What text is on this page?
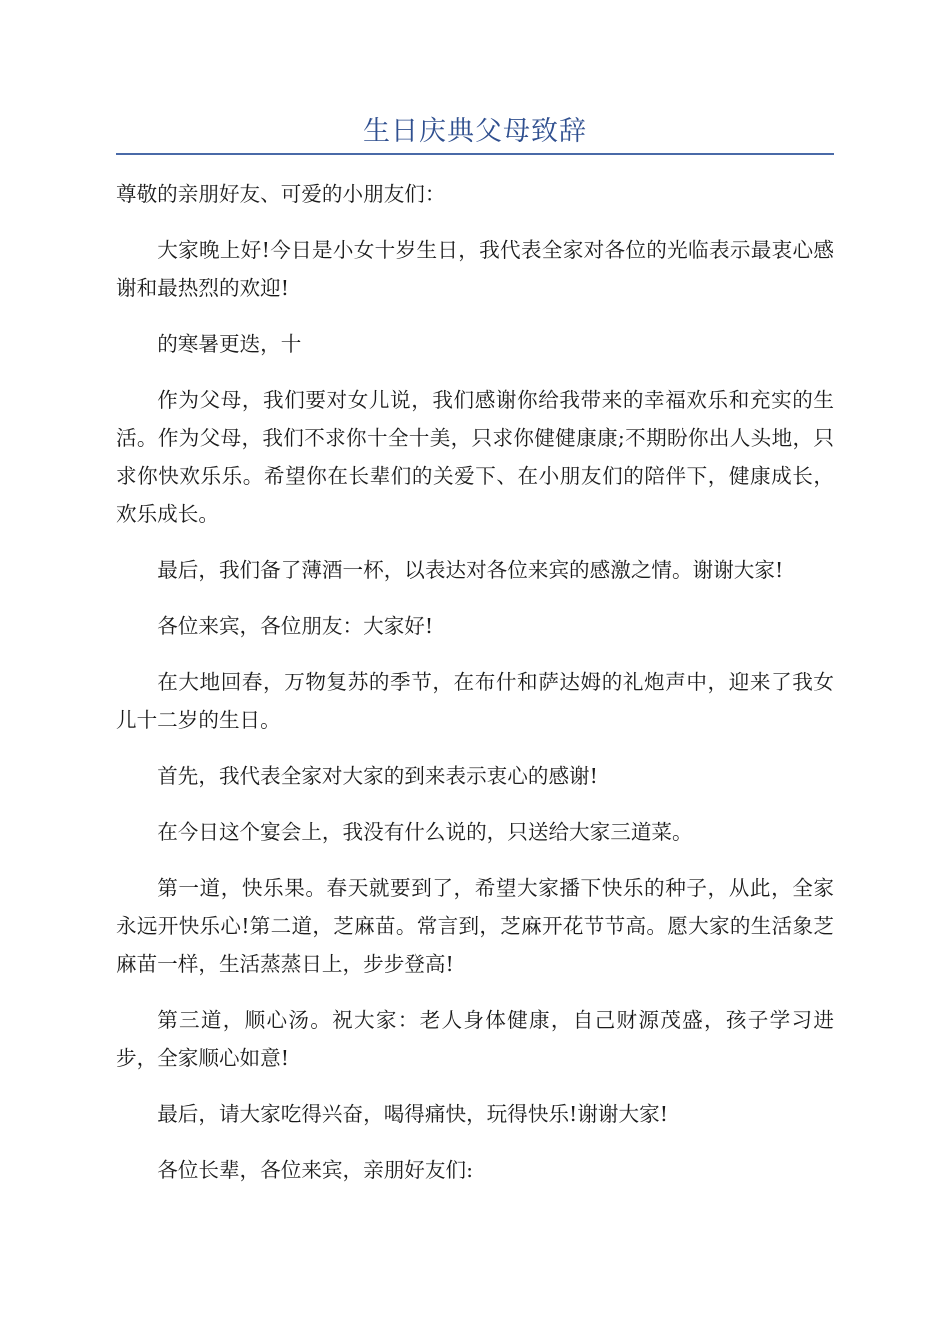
生日庆典父母致辞

尊敬的亲朋好友、可爱的小朋友们：

大家晚上好!今日是小女十岁生日，我代表全家对各位的光临表示最衷心感谢和最热烈的欢迎!

的寒暑更迭，十

作为父母，我们要对女儿说，我们感谢你给我带来的幸福欢乐和充实的生活。作为父母，我们不求你十全十美，只求你健健康康;不期盼你出人头地，只求你快欢乐乐。希望你在长辈们的关爱下、在小朋友们的陪伴下，健康成长，欢乐成长。

最后，我们备了薄酒一杯，以表达对各位来宾的感激之情。谢谢大家!

各位来宾，各位朋友：大家好!

在大地回春，万物复苏的季节，在布什和萨达姆的礼炮声中，迎来了我女儿十二岁的生日。

首先，我代表全家对大家的到来表示衷心的感谢!

在今日这个宴会上，我没有什么说的，只送给大家三道菜。

第一道，快乐果。春天就要到了，希望大家播下快乐的种子，从此，全家永远开快乐心!第二道，芝麻苗。常言到，芝麻开花节节高。愿大家的生活象芝麻苗一样，生活蒸蒸日上，步步登高!

第三道，顺心汤。祝大家：老人身体健康，自己财源茂盛，孩子学习进步，全家顺心如意!

最后，请大家吃得兴奋，喝得痛快，玩得快乐!谢谢大家!

各位长辈，各位来宾，亲朋好友们:
